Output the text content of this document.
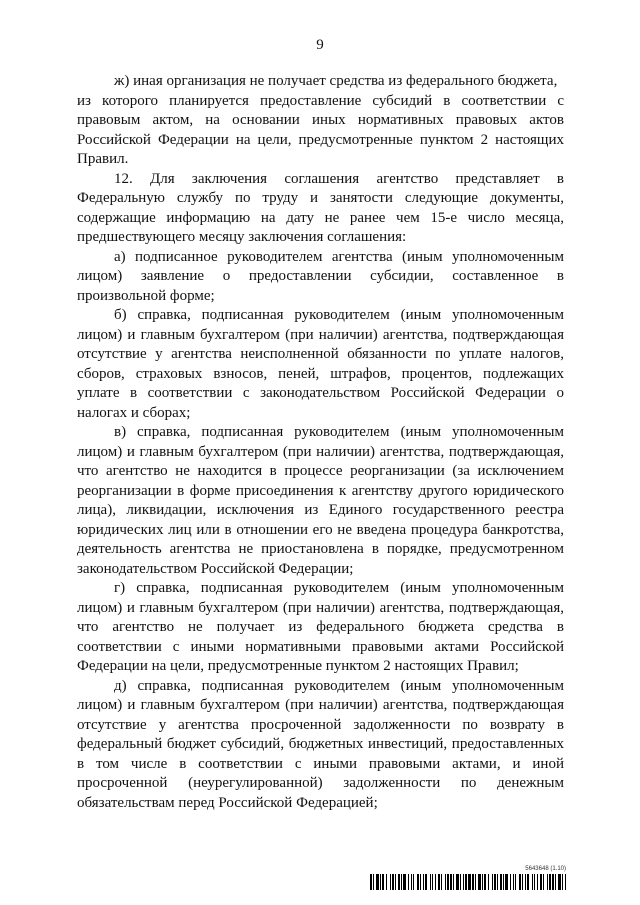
9

ж) иная организация не получает средства из федерального бюджета,

из которого планируется предоставление субсидий в соответствии с правовым актом, на основании иных нормативных правовых актов Российской Федерации на цели, предусмотренные пунктом 2 настоящих Правил.

12. Для заключения соглашения агентство представляет в Федеральную службу по труду и занятости следующие документы, содержащие информацию на дату не ранее чем 15-е число месяца, предшествующего месяцу заключения соглашения:

а) подписанное руководителем агентства (иным уполномоченным лицом) заявление о предоставлении субсидии, составленное в произвольной форме;

б) справка, подписанная руководителем (иным уполномоченным лицом) и главным бухгалтером (при наличии) агентства, подтверждающая отсутствие у агентства неисполненной обязанности по уплате налогов, сборов, страховых взносов, пеней, штрафов, процентов, подлежащих уплате в соответствии с законодательством Российской Федерации о налогах и сборах;

в) справка, подписанная руководителем (иным уполномоченным лицом) и главным бухгалтером (при наличии) агентства, подтверждающая, что агентство не находится в процессе реорганизации (за исключением реорганизации в форме присоединения к агентству другого юридического лица), ликвидации, исключения из Единого государственного реестра юридических лиц или в отношении его не введена процедура банкротства, деятельность агентства не приостановлена в порядке, предусмотренном законодательством Российской Федерации;

г) справка, подписанная руководителем (иным уполномоченным лицом) и главным бухгалтером (при наличии) агентства, подтверждающая, что агентство не получает из федерального бюджета средства в соответствии с иными нормативными правовыми актами Российской Федерации на цели, предусмотренные пунктом 2 настоящих Правил;

д) справка, подписанная руководителем (иным уполномоченным лицом) и главным бухгалтером (при наличии) агентства, подтверждающая отсутствие у агентства просроченной задолженности по возврату в федеральный бюджет субсидий, бюджетных инвестиций, предоставленных в том числе в соответствии с иными правовыми актами, и иной просроченной (неурегулированной) задолженности по денежным обязательствам перед Российской Федерацией;

5643648 (1.10)
